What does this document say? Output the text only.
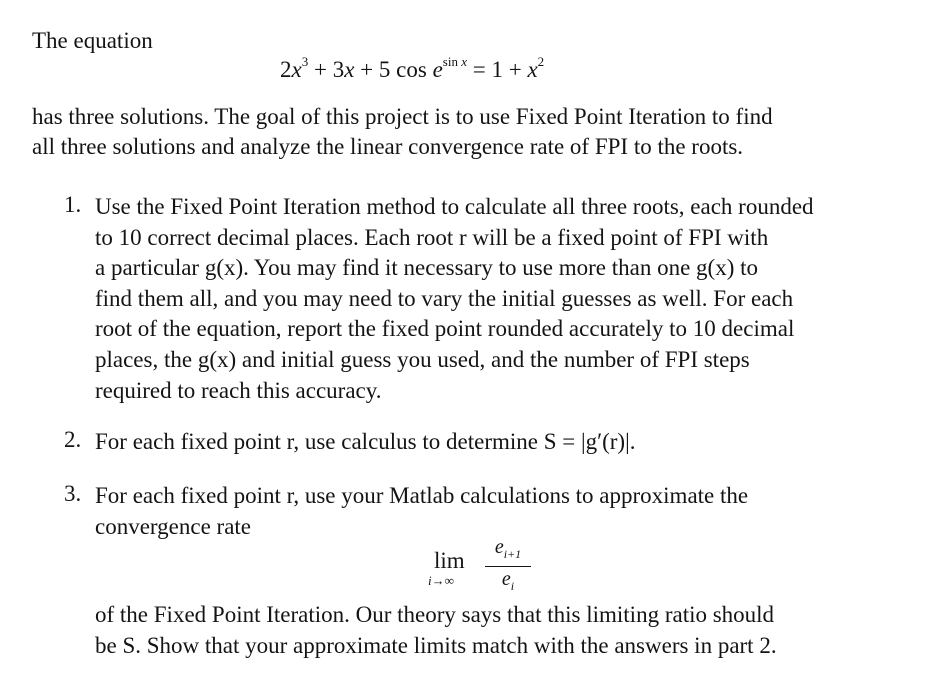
The equation
$2x^3 + 3x + 5$ $\cos e^{sin x} = 1 + x^2$
has three solutions. The goal of this project is to use Fixed Point Iteration to find
all three solutions and analyze the linear convergence rate of FPI to the roots.
1. Use the Fixed Point Iteration method to calculate all three roots, each rounded
to 10 correct decimal places. Each root r will be a fixed point of FPI with
a particular g(x). You may find it necessary to use more than one g(x) to
find them all, and you may need to vary the initial guesses as well. For each
root of the equation, report the fixed point rounded accurately to 10 decimal
places, the g(x) and initial guess you used, and the number of FPI steps
required to reach this accuracy.
2. For each fixed point r, use calculus to determine S = |g′(r)|.
3. For each fixed point r, use your Matlab calculations to approximate the
convergence rate
lim
i→∞
$e_{i+1}$
$e_i$
of the Fixed Point Iteration. Our theory says that this limiting ratio should
be S. Show that your approximate limits match with the answers in part 2.
